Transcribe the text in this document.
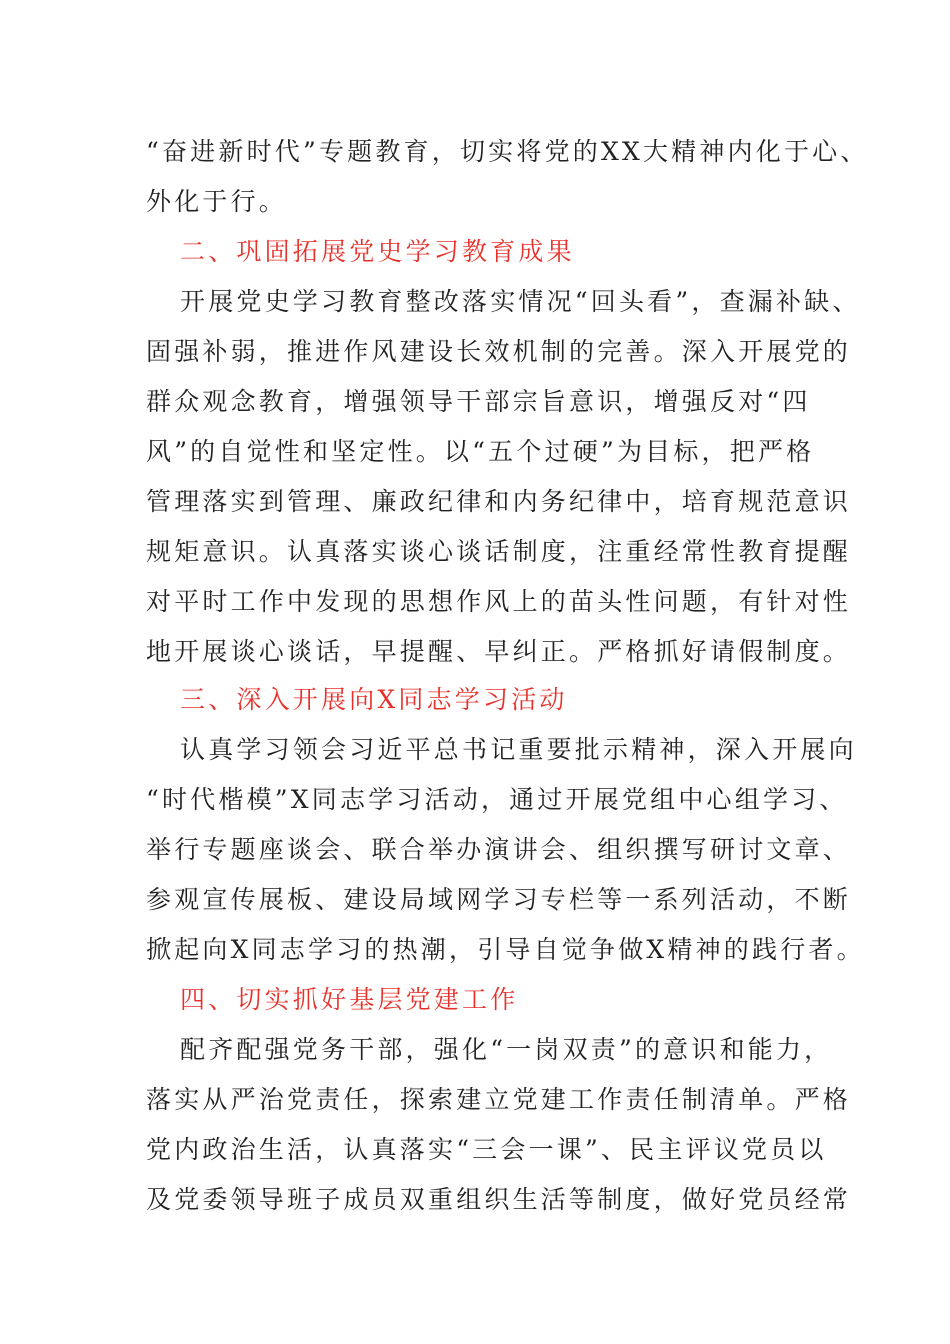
“奋进新时代”专题教育，切实将党的XX大精神内化于心、
外化于行。
二、巩固拓展党史学习教育成果
开展党史学习教育整改落实情况“回头看”，查漏补缺、
固强补弱，推进作风建设长效机制的完善。深入开展党的
群众观念教育，增强领导干部宗旨意识，增强反对“四
风”的自觉性和坚定性。以“五个过硬”为目标，把严格
管理落实到管理、廉政纪律和内务纪律中，培育规范意识
规矩意识。认真落实谈心谈话制度，注重经常性教育提醒
对平时工作中发现的思想作风上的苗头性问题，有针对性
地开展谈心谈话，早提醒、早纠正。严格抓好请假制度。
三、深入开展向X同志学习活动
认真学习领会习近平总书记重要批示精神，深入开展向
“时代楷模”X同志学习活动，通过开展党组中心组学习、
举行专题座谈会、联合举办演讲会、组织撰写研讨文章、
参观宣传展板、建设局域网学习专栏等一系列活动，不断
掀起向X同志学习的热潮，引导自觉争做X精神的践行者。
四、切实抓好基层党建工作
配齐配强党务干部，强化“一岗双责”的意识和能力，
落实从严治党责任，探索建立党建工作责任制清单。严格
党内政治生活，认真落实“三会一课”、民主评议党员以
及党委领导班子成员双重组织生活等制度，做好党员经常
